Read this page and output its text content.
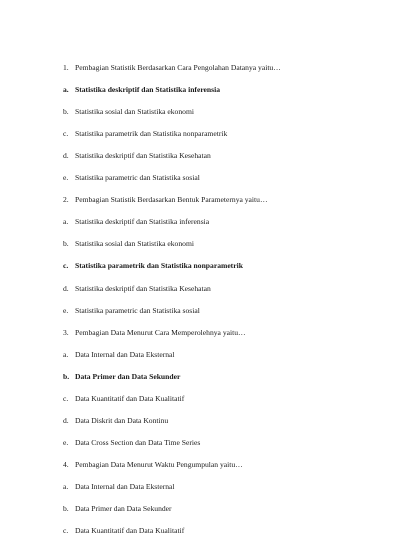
1. Pembagian Statistik Berdasarkan Cara Pengolahan Datanya yaitu…
a. Statistika deskriptif dan Statistika inferensia
b. Statistika sosial dan Statistika ekonomi
c. Statistika parametrik dan Statistika nonparametrik
d. Statistika deskriptif dan Statistika Kesehatan
e. Statistika parametric dan Statistika sosial
2. Pembagian Statistik Berdasarkan Bentuk Parameternya yaitu…
a. Statistika deskriptif dan Statistika inferensia
b. Statistika sosial dan Statistika ekonomi
c. Statistika parametrik dan Statistika nonparametrik
d. Statistika deskriptif dan Statistika Kesehatan
e. Statistika parametric dan Statistika sosial
3. Pembagian Data Menurut Cara Memperolehnya yaitu…
a. Data Internal dan Data Eksternal
b. Data Primer dan Data Sekunder
c. Data Kuantitatif dan Data Kualitatif
d. Data Diskrit dan Data Kontinu
e. Data Cross Section dan Data Time Series
4. Pembagian Data Menurut Waktu Pengumpulan yaitu…
a. Data Internal dan Data Eksternal
b. Data Primer dan Data Sekunder
c. Data Kuantitatif dan Data Kualitatif
